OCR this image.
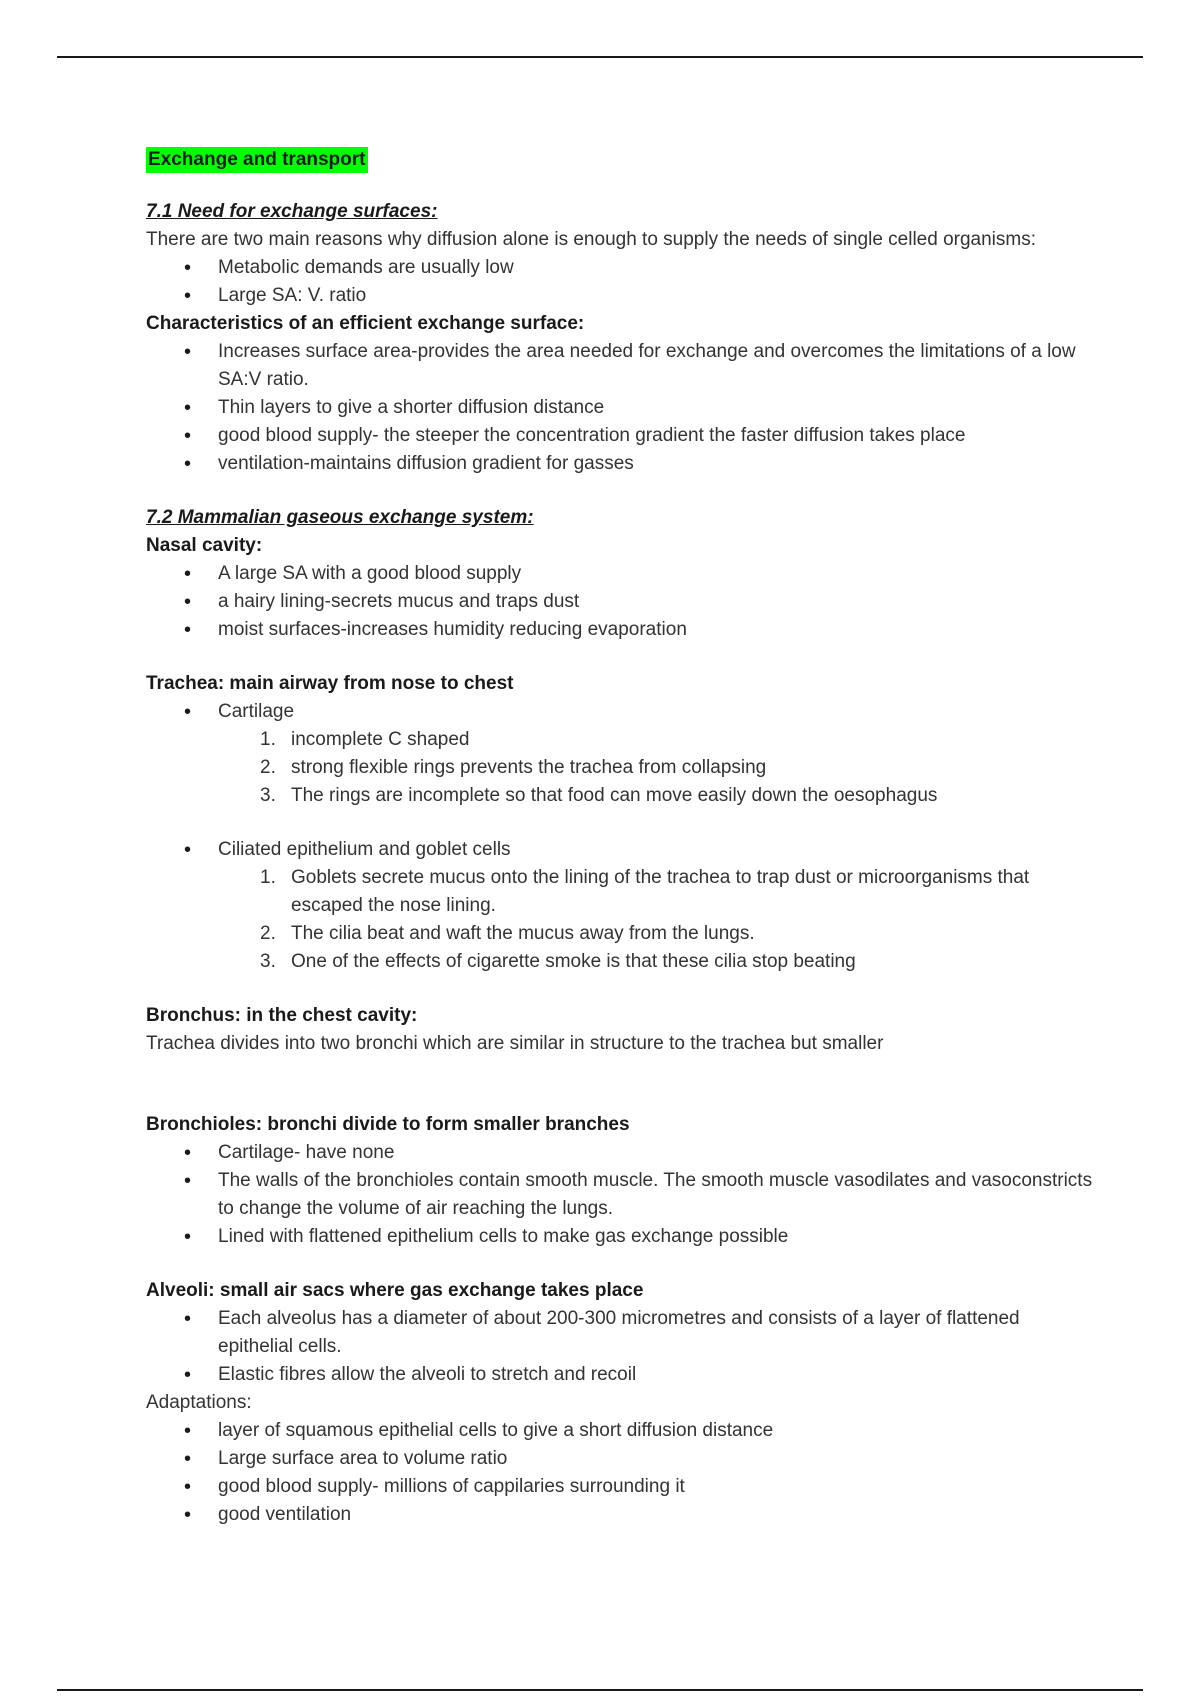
Exchange and transport

7.1 Need for exchange surfaces:

There are two main reasons why diffusion alone is enough to supply the needs of single celled organisms:

• Metabolic demands are usually low
• Large SA: V. ratio

Characteristics of an efficient exchange surface:

• Increases surface area-provides the area needed for exchange and overcomes the limitations of a low SA:V ratio.
• Thin layers to give a shorter diffusion distance
• good blood supply- the steeper the concentration gradient the faster diffusion takes place
• ventilation-maintains diffusion gradient for gasses

7.2 Mammalian gaseous exchange system:

Nasal cavity:

• A large SA with a good blood supply
• a hairy lining-secrets mucus and traps dust
• moist surfaces-increases humidity reducing evaporation

Trachea: main airway from nose to chest

• Cartilage
1. incomplete C shaped
2. strong flexible rings prevents the trachea from collapsing
3. The rings are incomplete so that food can move easily down the oesophagus
• Ciliated epithelium and goblet cells
1. Goblets secrete mucus onto the lining of the trachea to trap dust or microorganisms that escaped the nose lining.
2. The cilia beat and waft the mucus away from the lungs.
3. One of the effects of cigarette smoke is that these cilia stop beating

Bronchus: in the chest cavity:

Trachea divides into two bronchi which are similar in structure to the trachea but smaller

Bronchioles: bronchi divide to form smaller branches

• Cartilage- have none
• The walls of the bronchioles contain smooth muscle. The smooth muscle vasodilates and vasoconstricts to change the volume of air reaching the lungs.
• Lined with flattened epithelium cells to make gas exchange possible

Alveoli: small air sacs where gas exchange takes place

• Each alveolus has a diameter of about 200-300 micrometres and consists of a layer of flattened epithelial cells.
• Elastic fibres allow the alveoli to stretch and recoil

Adaptations:

• layer of squamous epithelial cells to give a short diffusion distance
• Large surface area to volume ratio
• good blood supply- millions of cappilaries surrounding it
• good ventilation
